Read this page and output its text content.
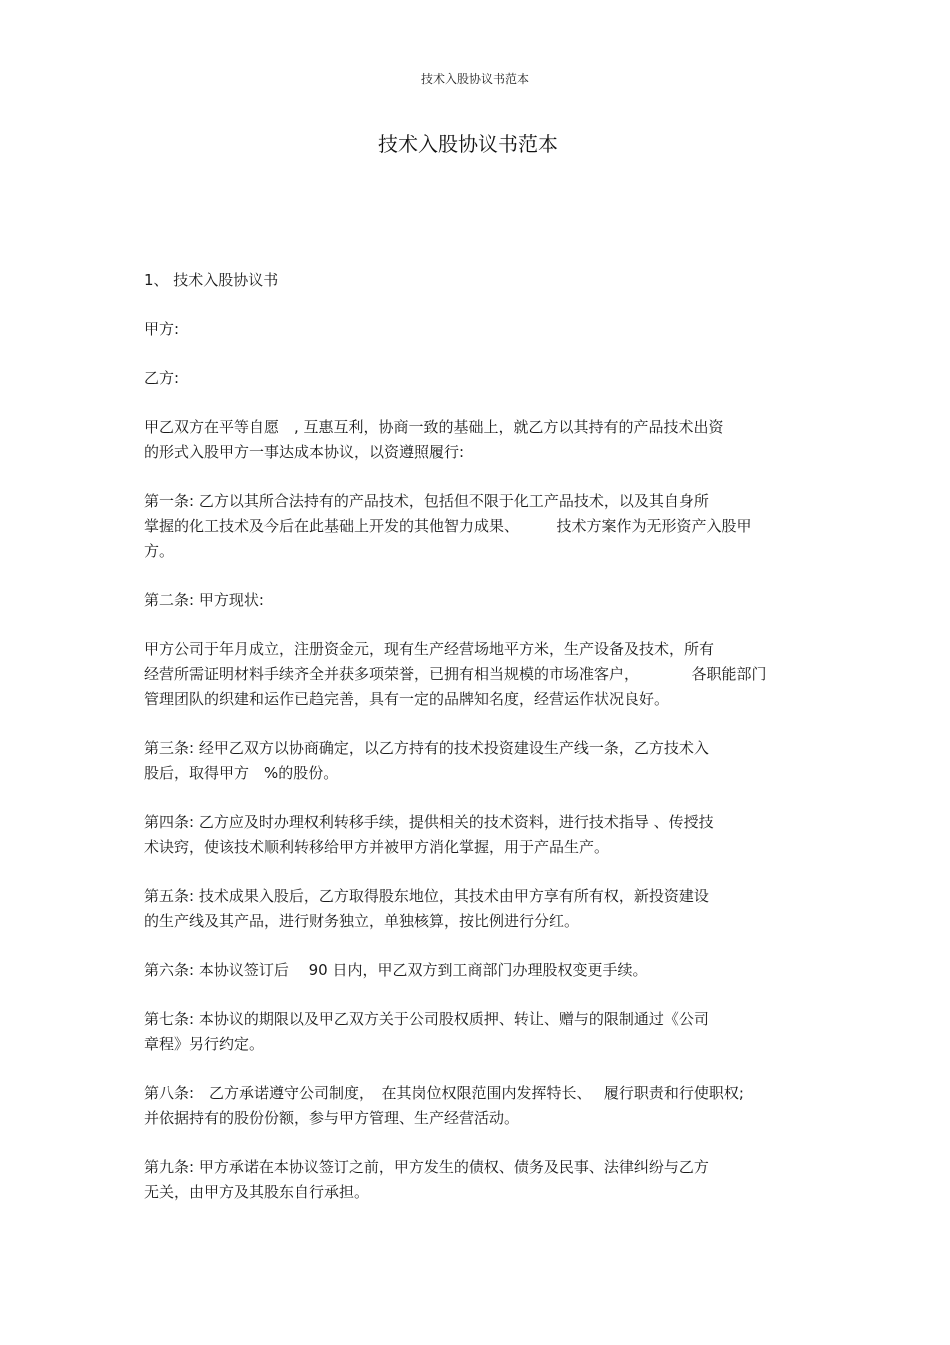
技术入股协议书范本
技术入股协议书范本

1、 技术入股协议书

甲方:

乙方:

甲乙双方在平等自愿　, 互惠互利，协商一致的基础上，就乙方以其持有的产品技术出资
的形式入股甲方一事达成本协议，以资遵照履行:
第一条: 乙方以其所合法持有的产品技术，包括但不限于化工产品技术，以及其自身所
掌握的化工技术及今后在此基础上开发的其他智力成果、　　　技术方案作为无形资产入股甲
方。
第二条: 甲方现状:
甲方公司于年月成立，注册资金元，现有生产经营场地平方米，生产设备及技术，所有
经营所需证明材料手续齐全并获多项荣誉，已拥有相当规模的市场准客户，　　　　各职能部门
管理团队的织建和运作已趋完善，具有一定的品牌知名度，经营运作状况良好。
第三条: 经甲乙双方以协商确定，以乙方持有的技术投资建设生产线一条，乙方技术入
股后，取得甲方　%的股份。
第四条: 乙方应及时办理权利转移手续，提供相关的技术资料，进行技术指导 、传授技
术诀窍，使该技术顺利转移给甲方并被甲方消化掌握，用于产品生产。
第五条: 技术成果入股后，乙方取得股东地位，其技术由甲方享有所有权，新投资建设
的生产线及其产品，进行财务独立，单独核算，按比例进行分红。
第六条: 本协议签订后　 90 日内，甲乙双方到工商部门办理股权变更手续。
第七条: 本协议的期限以及甲乙双方关于公司股权质押、转让、赠与的限制通过《公司
章程》另行约定。
第八条:　乙方承诺遵守公司制度，　在其岗位权限范围内发挥特长、　 履行职责和行使职权;
并依据持有的股份份额，参与甲方管理、生产经营活动。
第九条: 甲方承诺在本协议签订之前，甲方发生的债权、债务及民事、法律纠纷与乙方
无关，由甲方及其股东自行承担。
